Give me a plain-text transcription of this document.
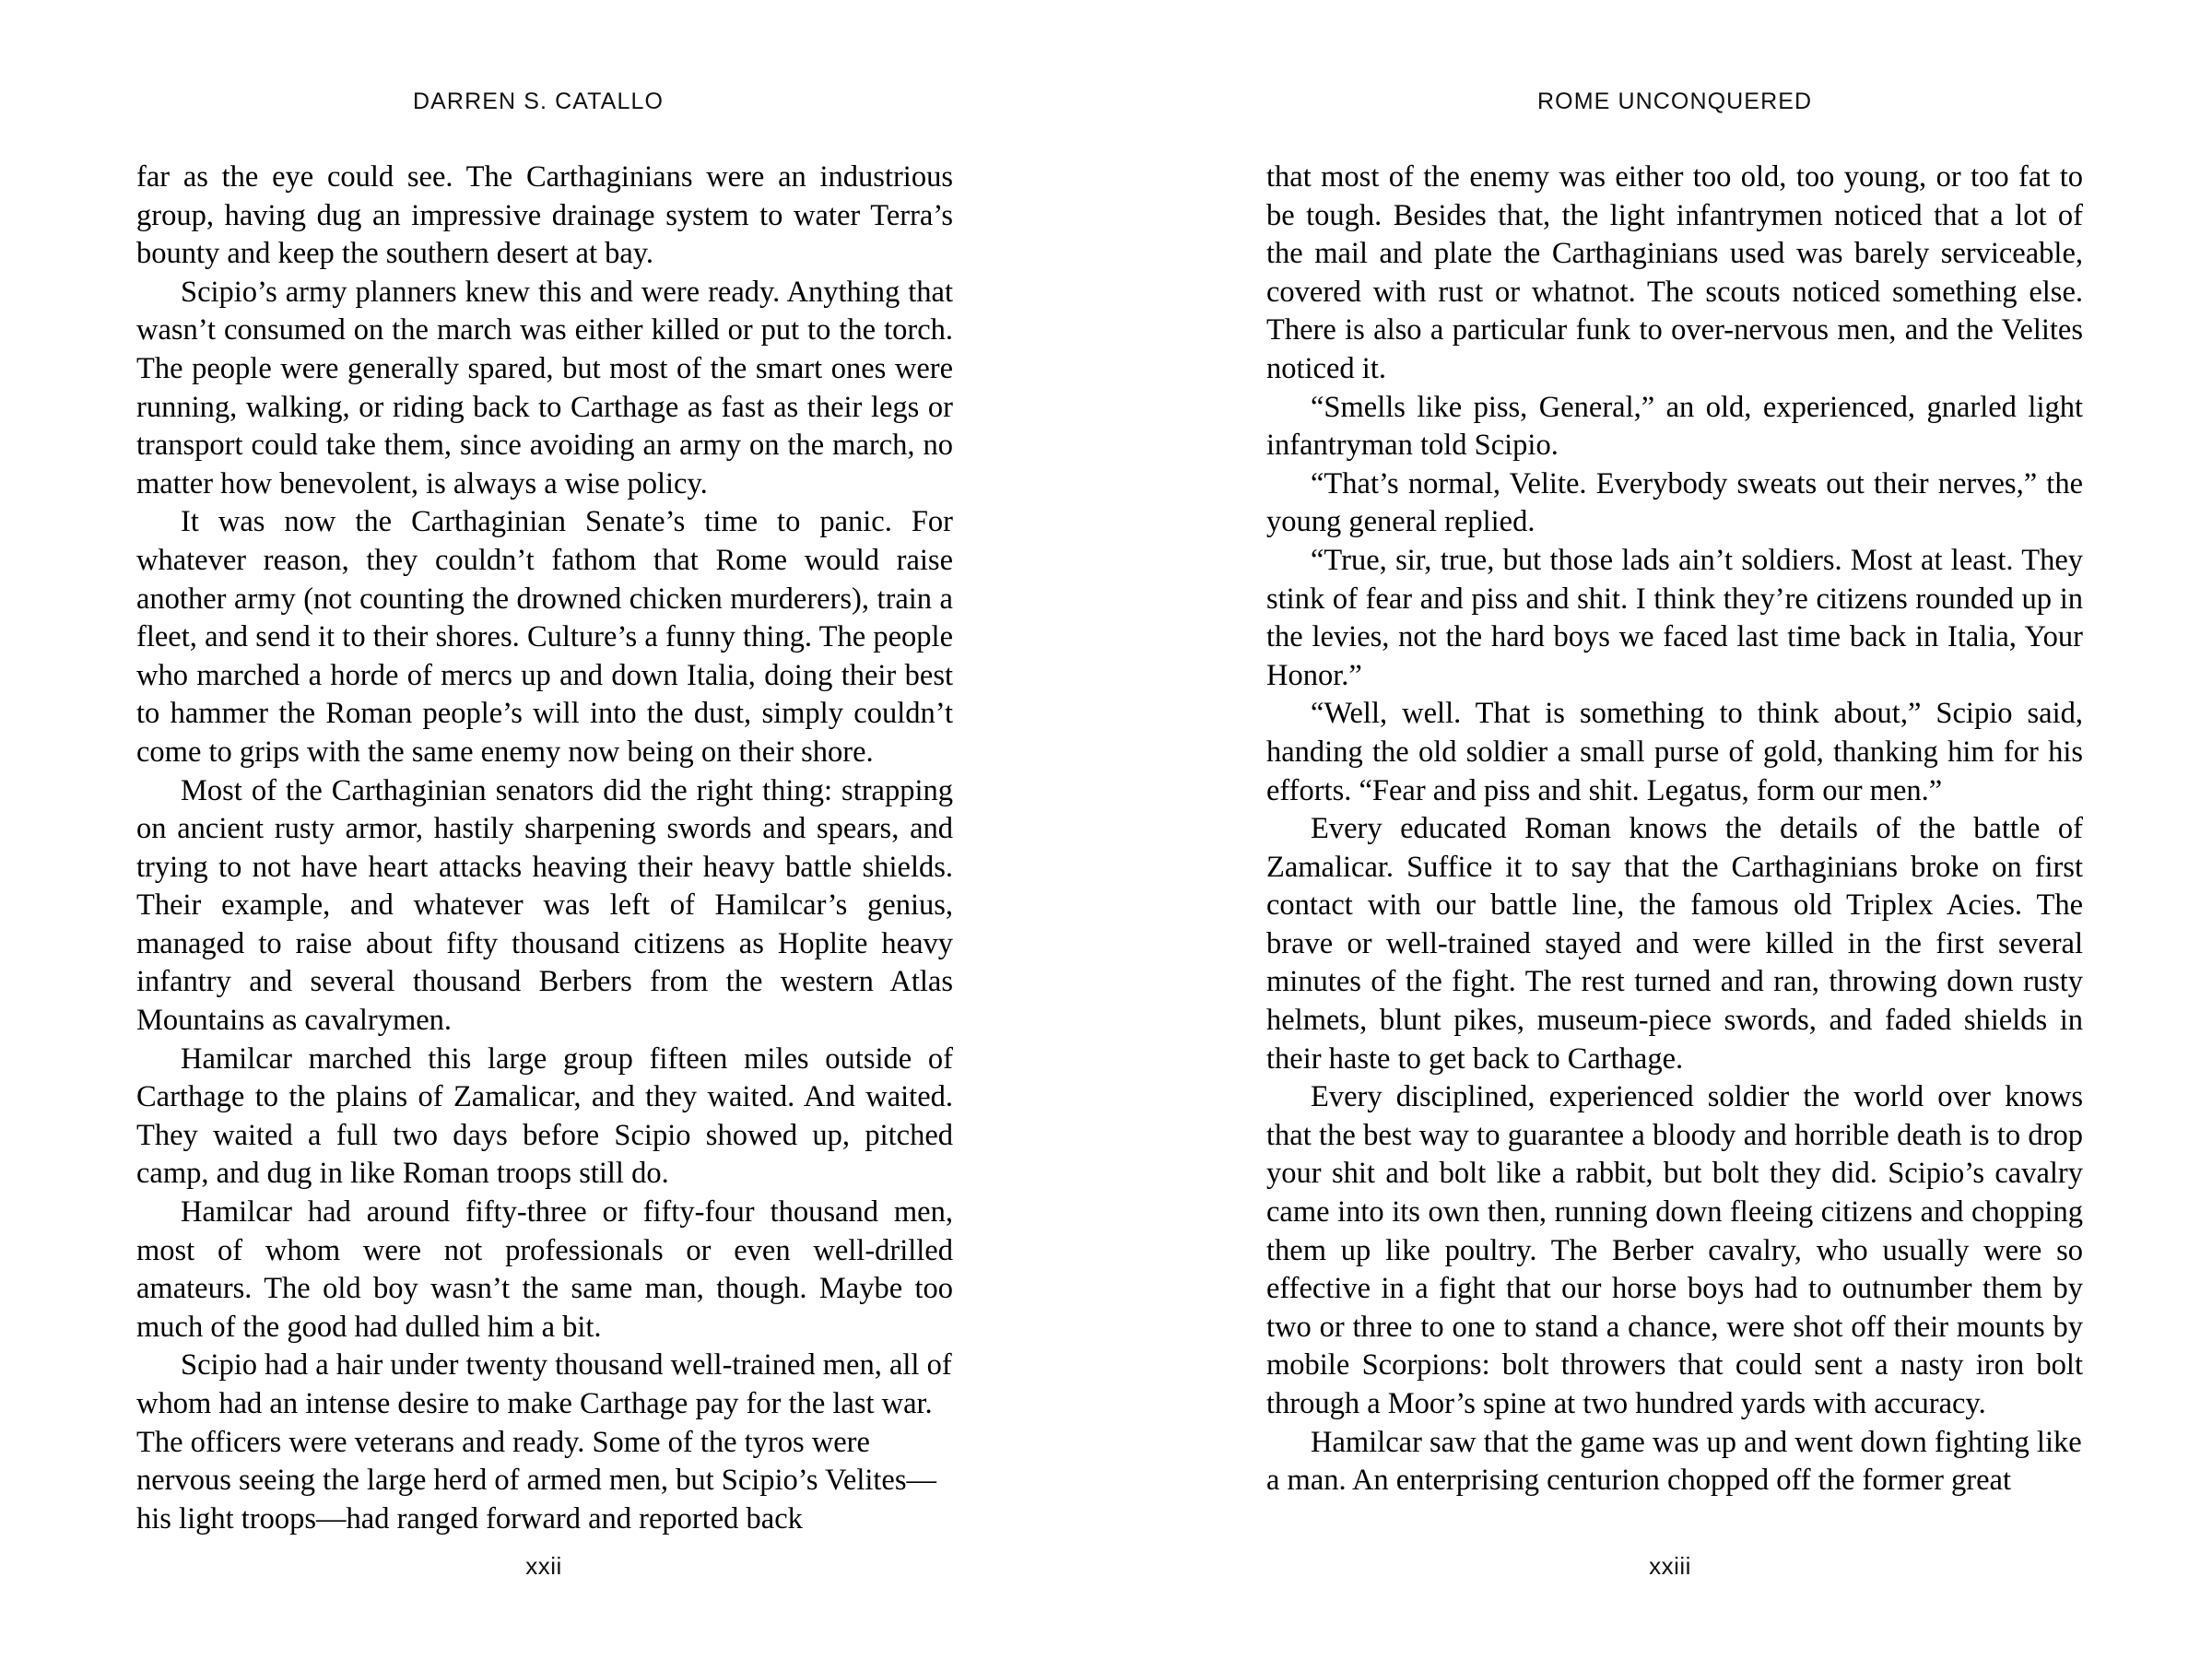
DARREN S. CATALLO	ROME UNCONQUERED

far as the eye could see. The Carthaginians were an industrious group, having dug an impressive drainage system to water Terra’s bounty and keep the southern desert at bay.

Scipio’s army planners knew this and were ready. Anything that wasn’t consumed on the march was either killed or put to the torch. The people were generally spared, but most of the smart ones were running, walking, or riding back to Carthage as fast as their legs or transport could take them, since avoiding an army on the march, no matter how benevolent, is always a wise policy.

It was now the Carthaginian Senate’s time to panic. For whatever reason, they couldn’t fathom that Rome would raise another army (not counting the drowned chicken murderers), train a fleet, and send it to their shores. Culture’s a funny thing. The people who marched a horde of mercs up and down Italia, doing their best to hammer the Roman people’s will into the dust, simply couldn’t come to grips with the same enemy now being on their shore.

Most of the Carthaginian senators did the right thing: strapping on ancient rusty armor, hastily sharpening swords and spears, and trying to not have heart attacks heaving their heavy battle shields. Their example, and whatever was left of Hamilcar’s genius, managed to raise about fifty thousand citizens as Hoplite heavy infantry and several thousand Berbers from the western Atlas Mountains as cavalrymen.

Hamilcar marched this large group fifteen miles outside of Carthage to the plains of Zamalicar, and they waited. And waited. They waited a full two days before Scipio showed up, pitched camp, and dug in like Roman troops still do.

Hamilcar had around fifty-three or fifty-four thousand men, most of whom were not professionals or even well-drilled amateurs. The old boy wasn’t the same man, though. Maybe too much of the good had dulled him a bit.

Scipio had a hair under twenty thousand well-trained men, all of whom had an intense desire to make Carthage pay for the last war. The officers were veterans and ready. Some of the tyros were nervous seeing the large herd of armed men, but Scipio’s Velites—his light troops—had ranged forward and reported back

that most of the enemy was either too old, too young, or too fat to be tough. Besides that, the light infantrymen noticed that a lot of the mail and plate the Carthaginians used was barely serviceable, covered with rust or whatnot. The scouts noticed something else. There is also a particular funk to over-nervous men, and the Velites noticed it.

“Smells like piss, General,” an old, experienced, gnarled light infantryman told Scipio.

“That’s normal, Velite. Everybody sweats out their nerves,” the young general replied.

“True, sir, true, but those lads ain’t soldiers. Most at least. They stink of fear and piss and shit. I think they’re citizens rounded up in the levies, not the hard boys we faced last time back in Italia, Your Honor.”

“Well, well. That is something to think about,” Scipio said, handing the old soldier a small purse of gold, thanking him for his efforts. “Fear and piss and shit. Legatus, form our men.”

Every educated Roman knows the details of the battle of Zamalicar. Suffice it to say that the Carthaginians broke on first contact with our battle line, the famous old Triplex Acies. The brave or well-trained stayed and were killed in the first several minutes of the fight. The rest turned and ran, throwing down rusty helmets, blunt pikes, museum-piece swords, and faded shields in their haste to get back to Carthage.

Every disciplined, experienced soldier the world over knows that the best way to guarantee a bloody and horrible death is to drop your shit and bolt like a rabbit, but bolt they did. Scipio’s cavalry came into its own then, running down fleeing citizens and chopping them up like poultry. The Berber cavalry, who usually were so effective in a fight that our horse boys had to outnumber them by two or three to one to stand a chance, were shot off their mounts by mobile Scorpions: bolt throwers that could sent a nasty iron bolt through a Moor’s spine at two hundred yards with accuracy.

Hamilcar saw that the game was up and went down fighting like a man. An enterprising centurion chopped off the former great

xxii	xxiii
